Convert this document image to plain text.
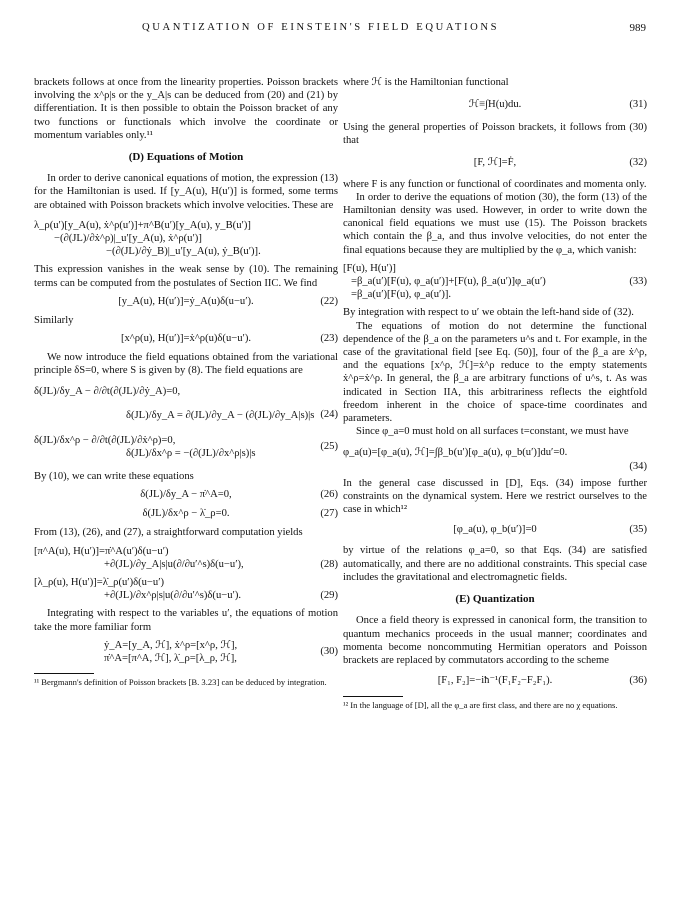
QUANTIZATION OF EINSTEIN'S FIELD EQUATIONS	989

brackets follows at once from the linearity properties. Poisson brackets involving the x^ρ|s or the y_A|s can be deduced from (20) and (21) by differentiation. It is then possible to obtain the Poisson bracket of any two functions or functionals which involve the coordinate or momentum variables only.¹¹

(D) Equations of Motion

In order to derive canonical equations of motion, the expression (13) for the Hamiltonian is used. If [y_A(u), H(u′)] is formed, some terms are obtained with Poisson brackets which involve velocities. These are

λ_ρ(u′)[y_A(u), ẋ^ρ(u′)]+π^B(u′)[y_A(u), y_B(u′)]
−(∂(JL)/∂ẋ^ρ)|_u′[y_A(u), ẋ^ρ(u′)]
−(∂(JL)/∂ẏ_B)|_u′[y_A(u), ẏ_B(u′)].

This expression vanishes in the weak sense by (10). The remaining terms can be computed from the postulates of Section IIC. We find

[y_A(u), H(u′)]=ẏ_A(u)δ(u−u′).	(22)

Similarly

[x^ρ(u), H(u′)]=ẋ^ρ(u)δ(u−u′).	(23)

We now introduce the field equations obtained from the variational principle δS=0, where S is given by (8). The field equations are

δ(JL)/δy_A − ∂/∂t(∂(JL)/∂ẏ_A)=0,
δ(JL)/δy_A = ∂(JL)/∂y_A − (∂(JL)/∂y_A|s)|s (24)
δ(JL)/δx^ρ − ∂/∂t(∂(JL)/∂ẋ^ρ)=0,
δ(JL)/δx^ρ = −(∂(JL)/∂x^ρ|s)|s
(25)

By (10), we can write these equations

δ(JL)/δy_A − π̇^A=0,	(26)
δ(JL)/δx^ρ − λ̇_ρ=0.	(27)

From (13), (26), and (27), a straightforward computation yields

[π^A(u), H(u′)]=π̇^A(u′)δ(u−u′)
+∂(JL)/∂y_A|s|u(∂/∂u′^s)δ(u−u′),	(28)
[λ_ρ(u), H(u′)]=λ̇_ρ(u′)δ(u−u′)
+∂(JL)/∂x^ρ|s|u(∂/∂u′^s)δ(u−u′).	(29)

Integrating with respect to the variables u′, the equations of motion take the more familiar form

ẏ_A=[y_A, ℋ], ẋ^ρ=[x^ρ, ℋ],
π̇^A=[π^A, ℋ], λ̇_ρ=[λ_ρ, ℋ],
(30)

¹¹ Bergmann's definition of Poisson brackets [B. 3.23] can be deduced by integration.

where ℋ is the Hamiltonian functional

ℋ≡∫H(u)du.	(31)

Using the general properties of Poisson brackets, it follows from (30) that

[F, ℋ]=Ḟ,	(32)

where F is any function or functional of coordinates and momenta only.

In order to derive the equations of motion (30), the form (13) of the Hamiltonian density was used. However, in order to write down the canonical field equations we must use (15). The Poisson brackets which contain the β_a, and thus involve velocities, do not enter the final equations because they are multiplied by the φ_a, which vanish:

[F(u), H(u′)]
=β_a(u′)[F(u), φ_a(u′)]+[F(u), β_a(u′)]φ_a(u′)
=β_a(u′)[F(u), φ_a(u′)].
(33)

By integration with respect to u′ we obtain the left-hand side of (32).

The equations of motion do not determine the functional dependence of the β_a on the parameters u^s and t. For example, in the case of the gravitational field [see Eq. (50)], four of the β_a are ẋ^ρ, and the equations [x^ρ, ℋ]=ẋ^ρ reduce to the empty statements ẋ^ρ=ẋ^ρ. In general, the β_a are arbitrary functions of u^s, t. As was indicated in Section IIA, this arbitrariness reflects the eightfold freedom inherent in the choice of space-time coordinates and parameters.

Since φ_a=0 must hold on all surfaces t=constant, we must have

φ_a(u)=[φ_a(u), ℋ]=∫β_b(u′)[φ_a(u), φ_b(u′)]du′=0.
(34)

In the general case discussed in [D], Eqs. (34) impose further constraints on the dynamical system. Here we restrict ourselves to the case in which¹²

[φ_a(u), φ_b(u′)]=0	(35)

by virtue of the relations φ_a=0, so that Eqs. (34) are satisfied automatically, and there are no additional constraints. This special case includes the gravitational and electromagnetic fields.

(E) Quantization

Once a field theory is expressed in canonical form, the transition to quantum mechanics proceeds in the usual manner; coordinates and momenta become noncommuting Hermitian operators and Poisson brackets are replaced by commutators according to the scheme

[F₁, F₂]=−iħ⁻¹(F₁F₂−F₂F₁).	(36)

¹² In the language of [D], all the φ_a are first class, and there are no χ equations.
